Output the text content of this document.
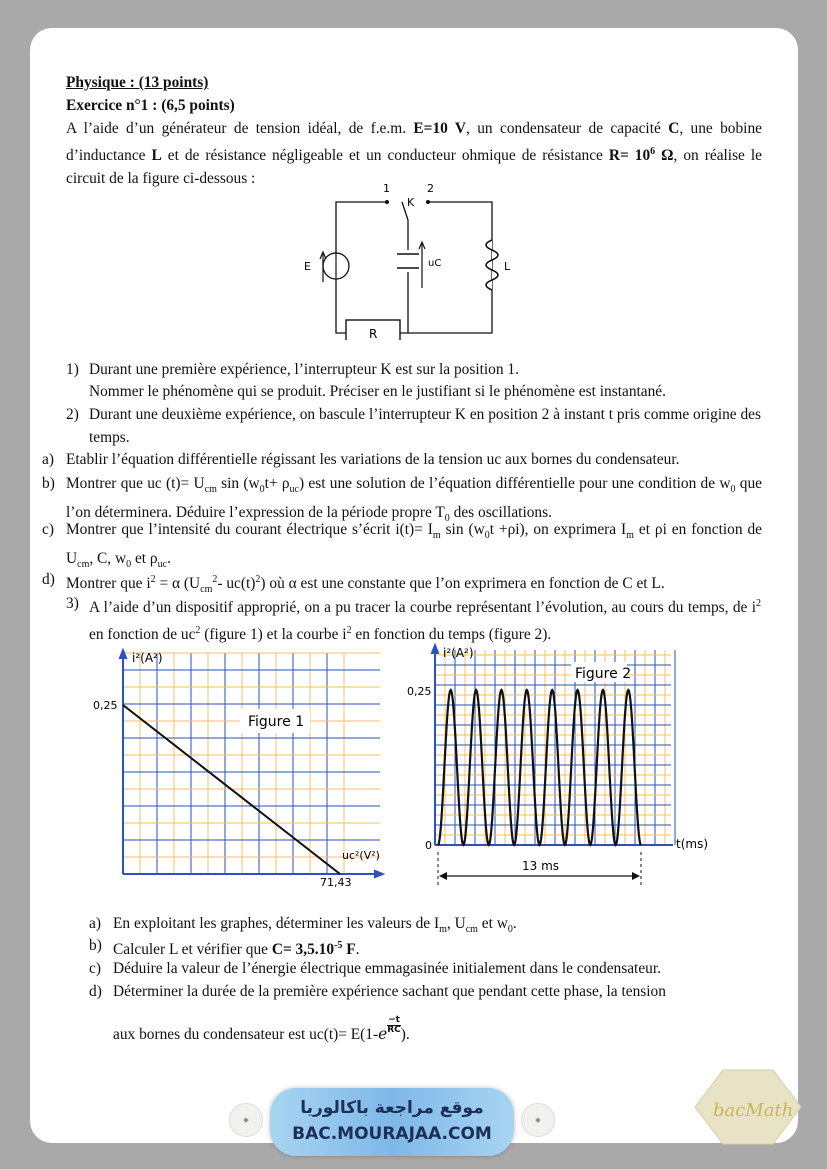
Physique : (13 points)
Exercice n°1 : (6,5 points)
A l’aide d’un générateur de tension idéal, de f.e.m. E=10 V, un condensateur de capacité C, une bobine d’inductance L et de résistance négligeable et un conducteur ohmique de résistance $R= 10^6$ Ω, on réalise le circuit de la figure ci-dessous :
1	2
K
E	uC	L
R
1) Durant une première expérience, l’interrupteur K est sur la position 1.
Nommer le phénomène qui se produit. Préciser en le justifiant si le phénomène est instantané.
2) Durant une deuxième expérience, on bascule l’interrupteur K en position 2 à instant t pris comme origine des temps.
a) Etablir l’équation différentielle régissant les variations de la tension uc aux bornes du condensateur.
b) Montrer que uc $(t)= U_{cm}$ $\sin (w_0t+ \rho_{uc})$ est une solution de l’équation différentielle pour une condition de $w_0$ que l’on déterminera. Déduire l’expression de la période propre $T_0$ des oscillations.
c) Montrer que l’intensité du courant électrique s’écrit $i(t)= I_m$ $\sin (w_0t +\rho i)$, on exprimera $I_m$ et ρi en fonction de $U_{cm}$, C, $w_0$ et $\rho_{uc}$.
d) Montrer que $i^2 = \alpha$ ($U_{cm}^2-$ $uc(t)^2$) où α est une constante que l’on exprimera en fonction de C et L.
3) A l’aide d’un dispositif approprié, on a pu tracer la courbe représentant l’évolution, au cours du temps, de $i^2$ en fonction de $uc^2$ (figure 1) et la courbe $i^2$ en fonction du temps (figure 2).
Figure 1
i²(A²)
0,25
uc²(V²)
71,43
Figure 2
i²(A²)
0,25
0	t(ms)
13 ms
a) En exploitant les graphes, déterminer les valeurs de $I_m$, $U_{cm}$ et $w_0$.
b) Calculer L et vérifier que $C= 3,5.10^{-5}$ F.
c) Déduire la valeur de l’énergie électrique emmagasinée initialement dans le condensateur.
d) Déterminer la durée de la première expérience sachant que pendant cette phase, la tension
aux bornes du condensateur est $uc(t)= E(1-e \frac{-t}{RC}$ ).
◆
موقع مراجعة باكالوريا
BAC.MOURAJAA.COM
◆	bacMath
